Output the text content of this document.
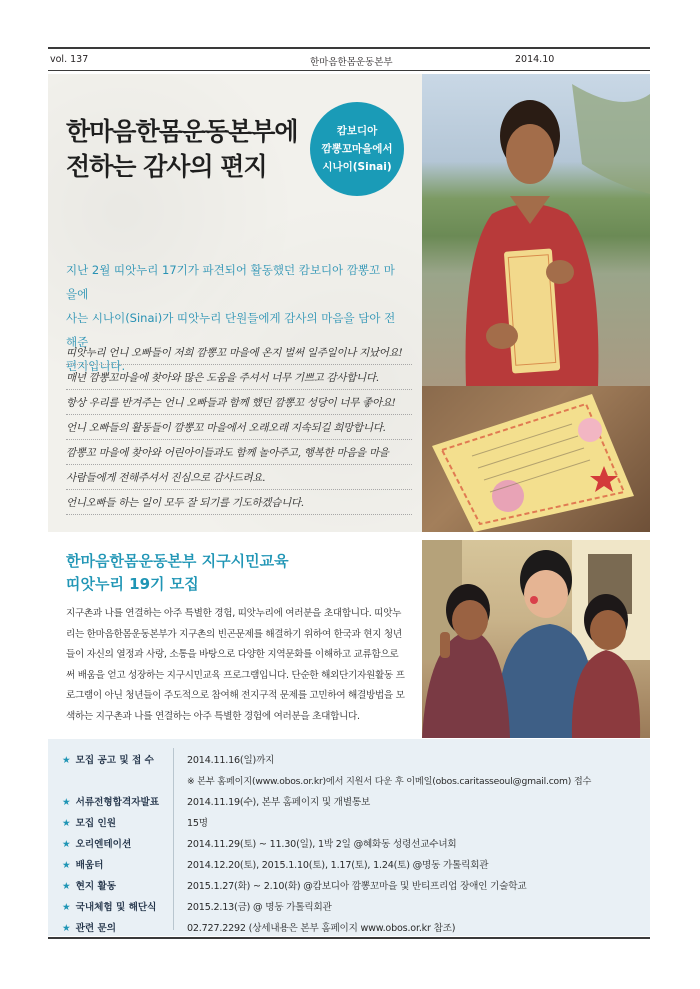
vol. 137	한마음한몸운동본부	2014.10
한마음한몸운동본부에
전하는 감사의 편지
캄보디아
깜뽕꼬마을에서
시나이(Sinai)
지난 2월 띠앗누리 17기가 파견되어 활동했던 캄보디아 깜뽕꼬 마을에
사는 시나이(Sinai)가 띠앗누리 단원들에게 감사의 마음을 담아 전해준
편지입니다.
띠앗누리 언니 오빠들이 저희 깜뽕꼬 마을에 온지 벌써 일주일이나 지났어요!
매년 깜뽕꼬마을에 찾아와 많은 도움을 주셔서 너무 기쁘고 감사합니다.
항상 우리를 반겨주는 언니 오빠들과 함께 했던 깜뽕꼬 성당이 너무 좋아요!
언니 오빠들의 활동들이 깜뽕꼬 마을에서 오래오래 지속되길 희망합니다.
깜뽕꼬 마을에 찾아와 어린아이들과도 함께 놀아주고, 행복한 마음을 마을
사람들에게 전해주셔서 진심으로 감사드려요.
언니오빠들 하는 일이 모두 잘 되기를 기도하겠습니다.
한마음한몸운동본부 지구시민교육
띠앗누리 19기 모집
지구촌과 나를 연결하는 아주 특별한 경험, 띠앗누리에 여러분을 초대합니다. 띠앗누
리는 한마음한몸운동본부가 지구촌의 빈곤문제를 해결하기 위하여 한국과 현지 청년
들이 자신의 열정과 사랑, 소통을 바탕으로 다양한 지역문화를 이해하고 교류함으로
써 배움을 얻고 성장하는 지구시민교육 프로그램입니다. 단순한 해외단기자원활동 프
로그램이 아닌 청년들이 주도적으로 참여해 전지구적 문제를 고민하여 해결방법을 모
색하는 지구촌과 나를 연결하는 아주 특별한 경험에 여러분을 초대합니다.
★ 모집 공고 및 접 수	2014.11.16(일)까지
※ 본부 홈페이지(www.obos.or.kr)에서 지원서 다운 후 이메일(obos.caritasseoul@gmail.com) 접수
★ 서류전형합격자발표	2014.11.19(수), 본부 홈페이지 및 개별통보
★ 모집 인원	15명
★ 오리엔테이션	2014.11.29(토) ~ 11.30(일), 1박 2일 @혜화동 성령선교수녀회
★ 배움터	2014.12.20(토), 2015.1.10(토), 1.17(토), 1.24(토) @명동 가톨릭회관
★ 현지 활동	2015.1.27(화) ~ 2.10(화) @캄보디아 깜뽕꼬마을 및 반티프리업 장애인 기술학교
★ 국내체험 및 해단식	2015.2.13(금) @ 명동 가톨릭회관
★ 관련 문의	02.727.2292 (상세내용은 본부 홈페이지 www.obos.or.kr 참조)
